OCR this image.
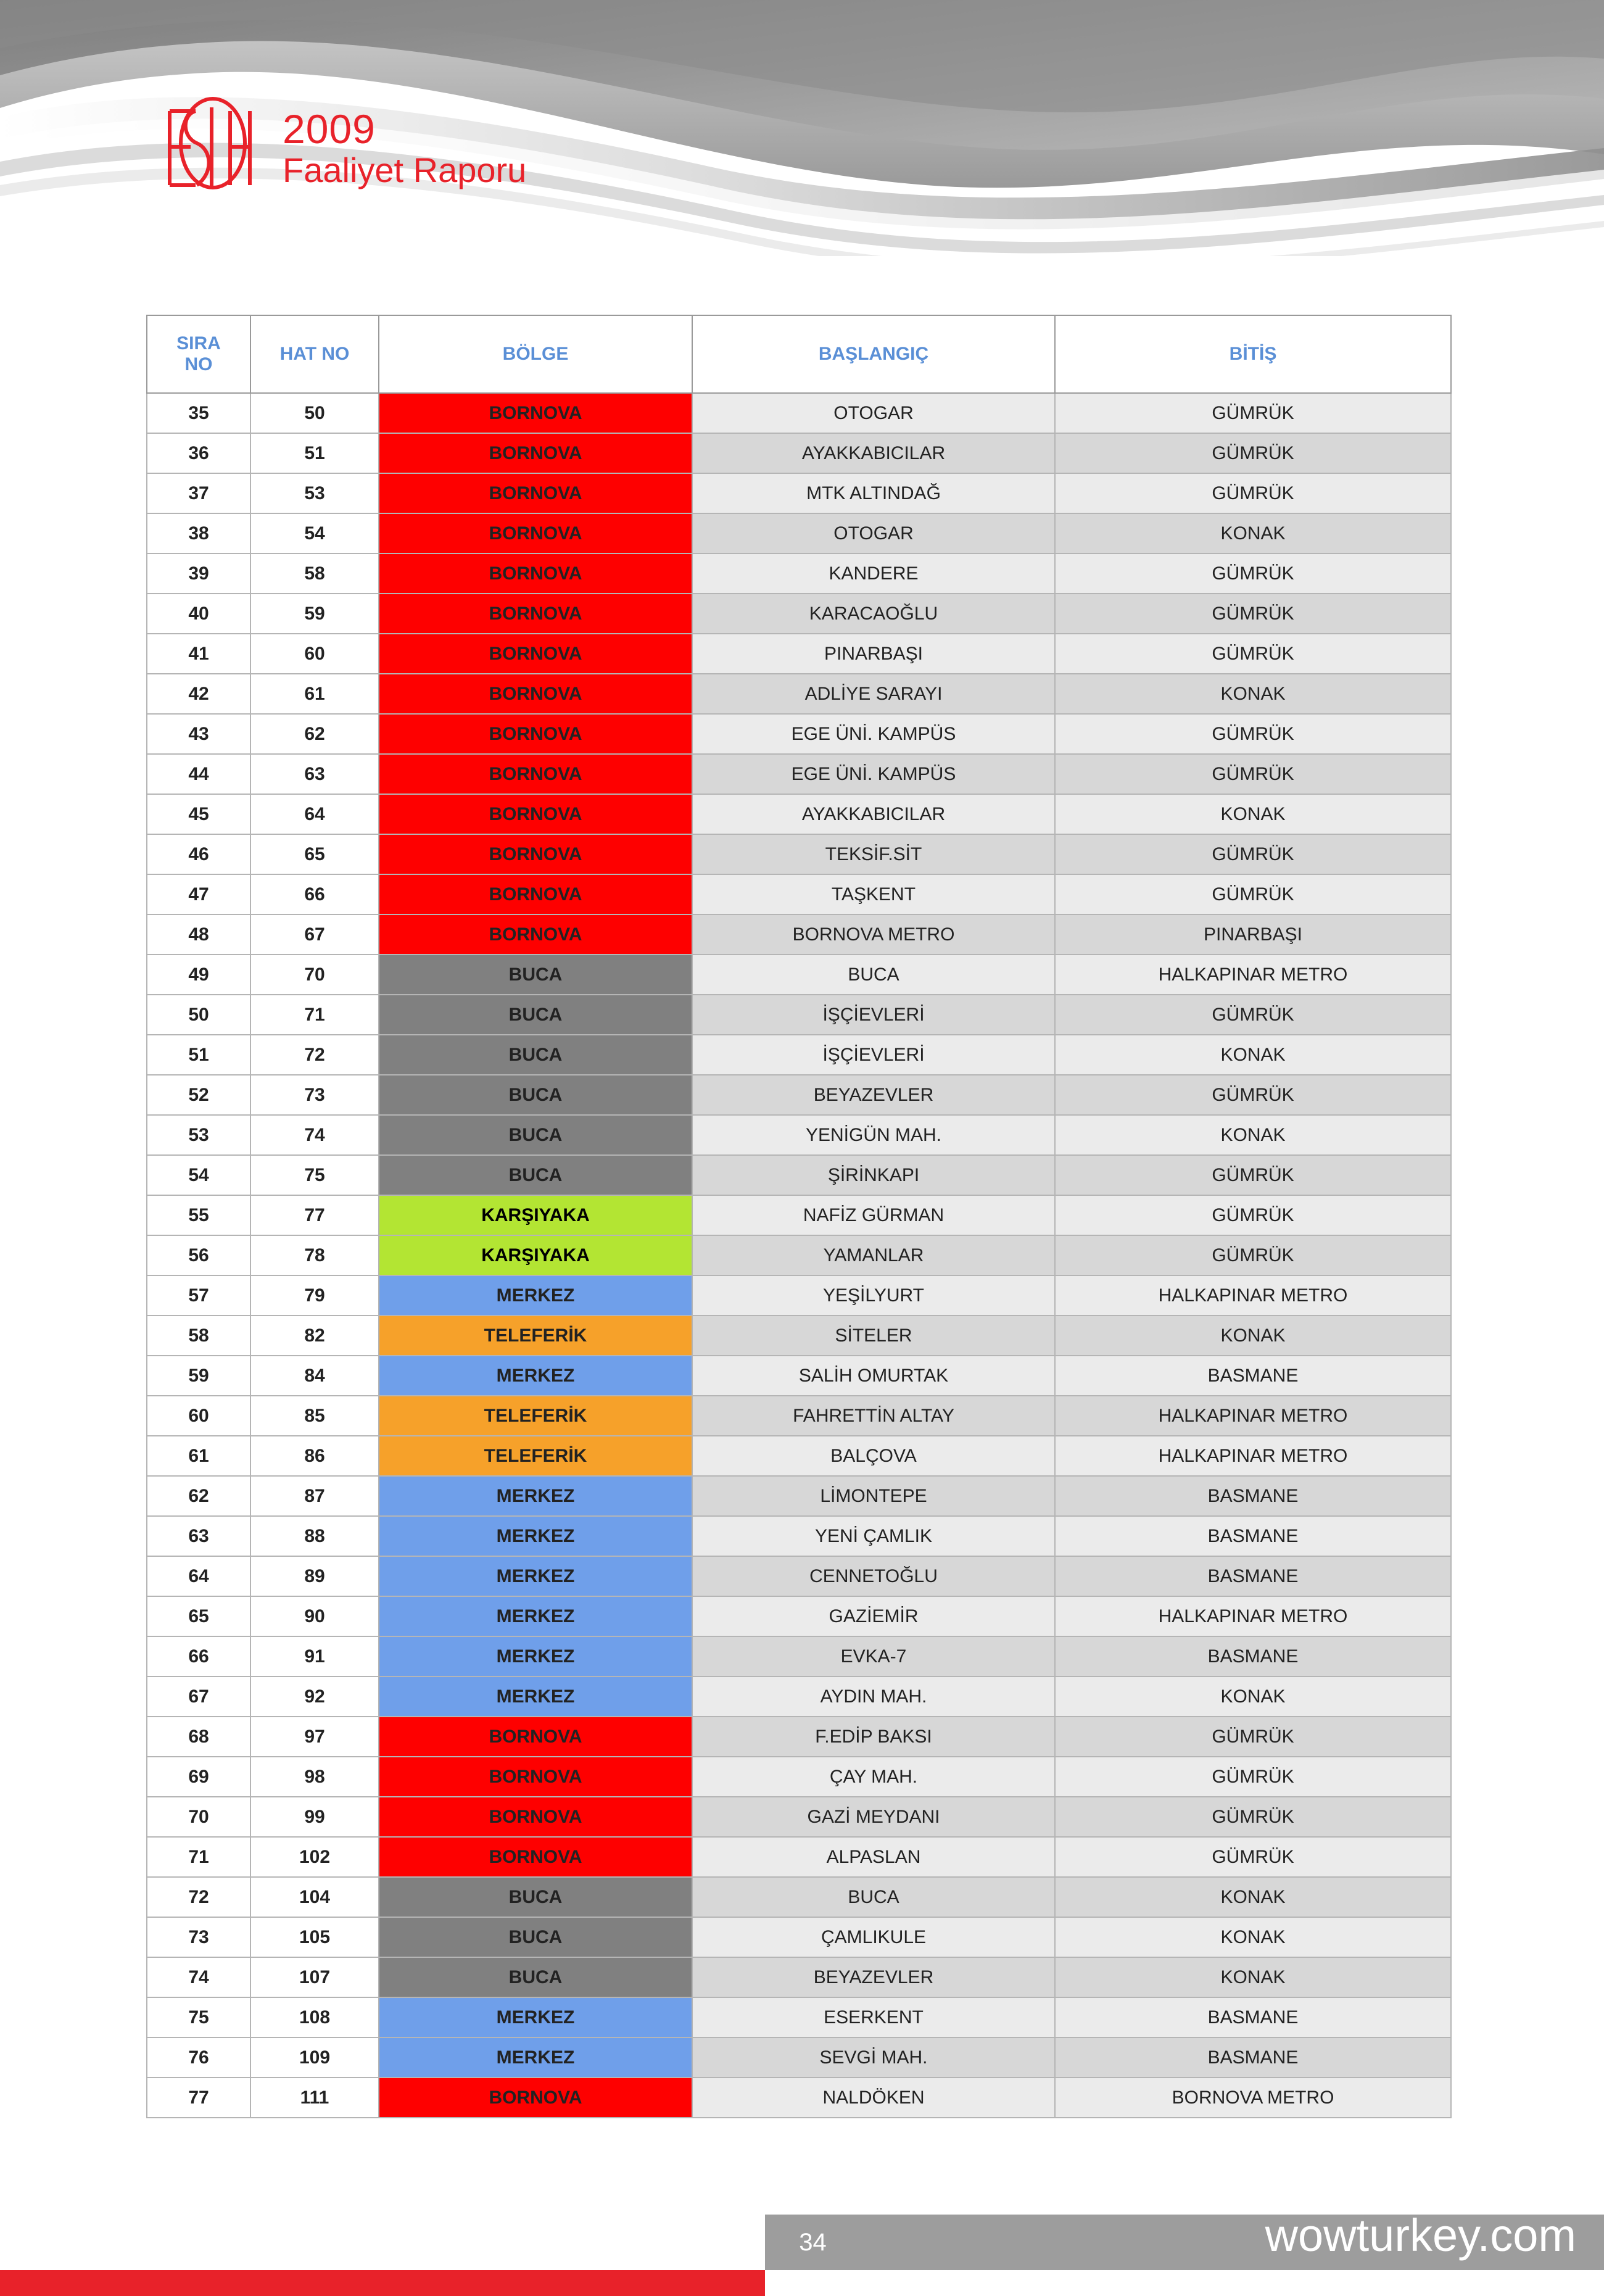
2009
Faaliyet Raporu
SIRA
NO	HAT NO	BÖLGE	BAŞLANGIÇ	BİTİŞ
35	50	BORNOVA	OTOGAR	GÜMRÜK
36	51	BORNOVA	AYAKKABICILAR	GÜMRÜK
37	53	BORNOVA	MTK ALTINDAĞ	GÜMRÜK
38	54	BORNOVA	OTOGAR	KONAK
39	58	BORNOVA	KANDERE	GÜMRÜK
40	59	BORNOVA	KARACAOĞLU	GÜMRÜK
41	60	BORNOVA	PINARBAŞI	GÜMRÜK
42	61	BORNOVA	ADLİYE SARAYI	KONAK
43	62	BORNOVA	EGE ÜNİ. KAMPÜS	GÜMRÜK
44	63	BORNOVA	EGE ÜNİ. KAMPÜS	GÜMRÜK
45	64	BORNOVA	AYAKKABICILAR	KONAK
46	65	BORNOVA	TEKSİF.SİT	GÜMRÜK
47	66	BORNOVA	TAŞKENT	GÜMRÜK
48	67	BORNOVA	BORNOVA METRO	PINARBAŞI
49	70	BUCA	BUCA	HALKAPINAR METRO
50	71	BUCA	İŞÇİEVLERİ	GÜMRÜK
51	72	BUCA	İŞÇİEVLERİ	KONAK
52	73	BUCA	BEYAZEVLER	GÜMRÜK
53	74	BUCA	YENİGÜN MAH.	KONAK
54	75	BUCA	ŞİRİNKAPI	GÜMRÜK
55	77	KARŞIYAKA	NAFİZ GÜRMAN	GÜMRÜK
56	78	KARŞIYAKA	YAMANLAR	GÜMRÜK
57	79	MERKEZ	YEŞİLYURT	HALKAPINAR METRO
58	82	TELEFERİK	SİTELER	KONAK
59	84	MERKEZ	SALİH OMURTAK	BASMANE
60	85	TELEFERİK	FAHRETTİN ALTAY	HALKAPINAR METRO
61	86	TELEFERİK	BALÇOVA	HALKAPINAR METRO
62	87	MERKEZ	LİMONTEPE	BASMANE
63	88	MERKEZ	YENİ ÇAMLIK	BASMANE
64	89	MERKEZ	CENNETOĞLU	BASMANE
65	90	MERKEZ	GAZİEMİR	HALKAPINAR METRO
66	91	MERKEZ	EVKA-7	BASMANE
67	92	MERKEZ	AYDIN MAH.	KONAK
68	97	BORNOVA	F.EDİP BAKSI	GÜMRÜK
69	98	BORNOVA	ÇAY MAH.	GÜMRÜK
70	99	BORNOVA	GAZİ MEYDANI	GÜMRÜK
71	102	BORNOVA	ALPASLAN	GÜMRÜK
72	104	BUCA	BUCA	KONAK
73	105	BUCA	ÇAMLIKULE	KONAK
74	107	BUCA	BEYAZEVLER	KONAK
75	108	MERKEZ	ESERKENT	BASMANE
76	109	MERKEZ	SEVGİ MAH.	BASMANE
77	111	BORNOVA	NALDÖKEN	BORNOVA METRO
34	wowturkey.com
